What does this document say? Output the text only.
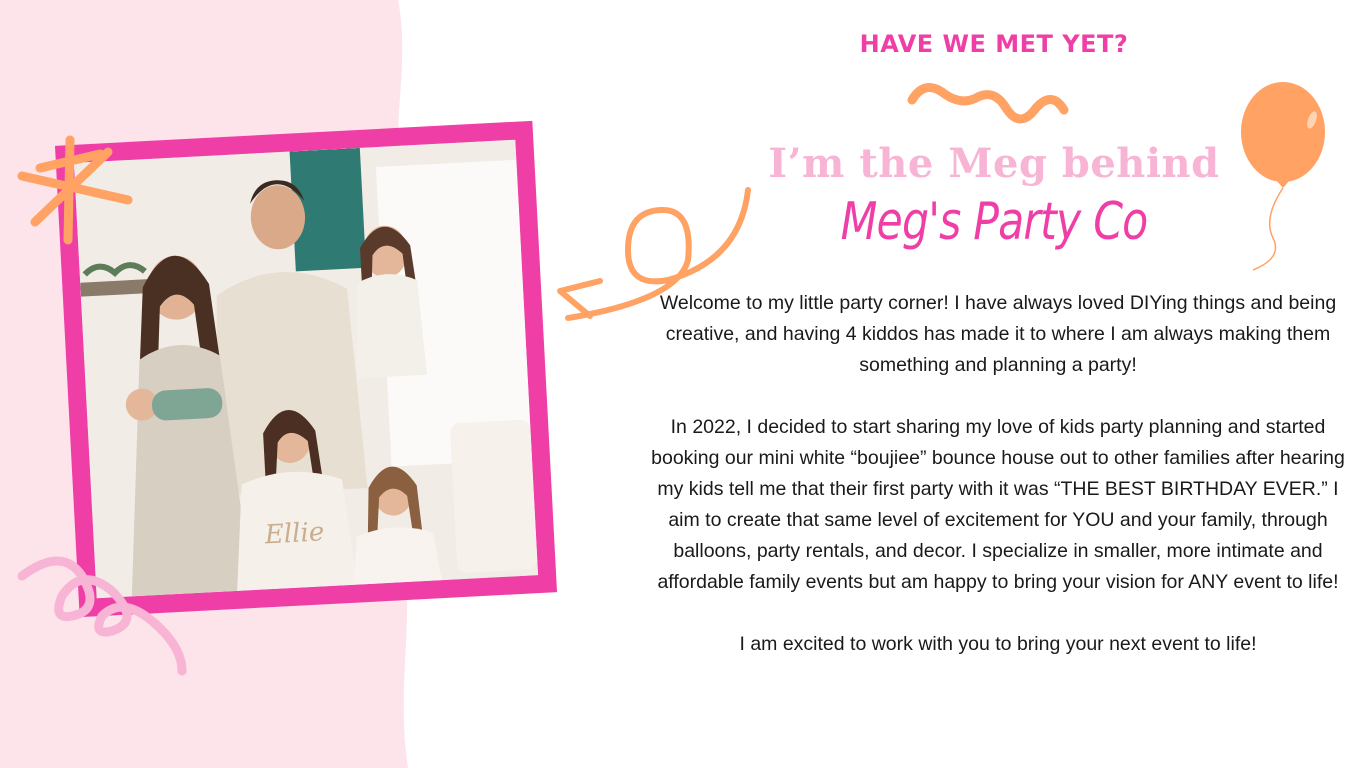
Ellie
HAVE WE MET YET?
I’m the Meg behind
Meg's Party Co

Welcome to my little party corner! I have always loved DIYing things and being creative, and having 4 kiddos has made it to where I am always making them something and planning a party!

In 2022, I decided to start sharing my love of kids party planning and started booking our mini white “boujiee” bounce house out to other families after hearing my kids tell me that their first party with it was “THE BEST BIRTHDAY EVER.” I aim to create that same level of excitement for YOU and your family, through balloons, party rentals, and decor. I specialize in smaller, more intimate and affordable family events but am happy to bring your vision for ANY event to life!

I am excited to work with you to bring your next event to life!
